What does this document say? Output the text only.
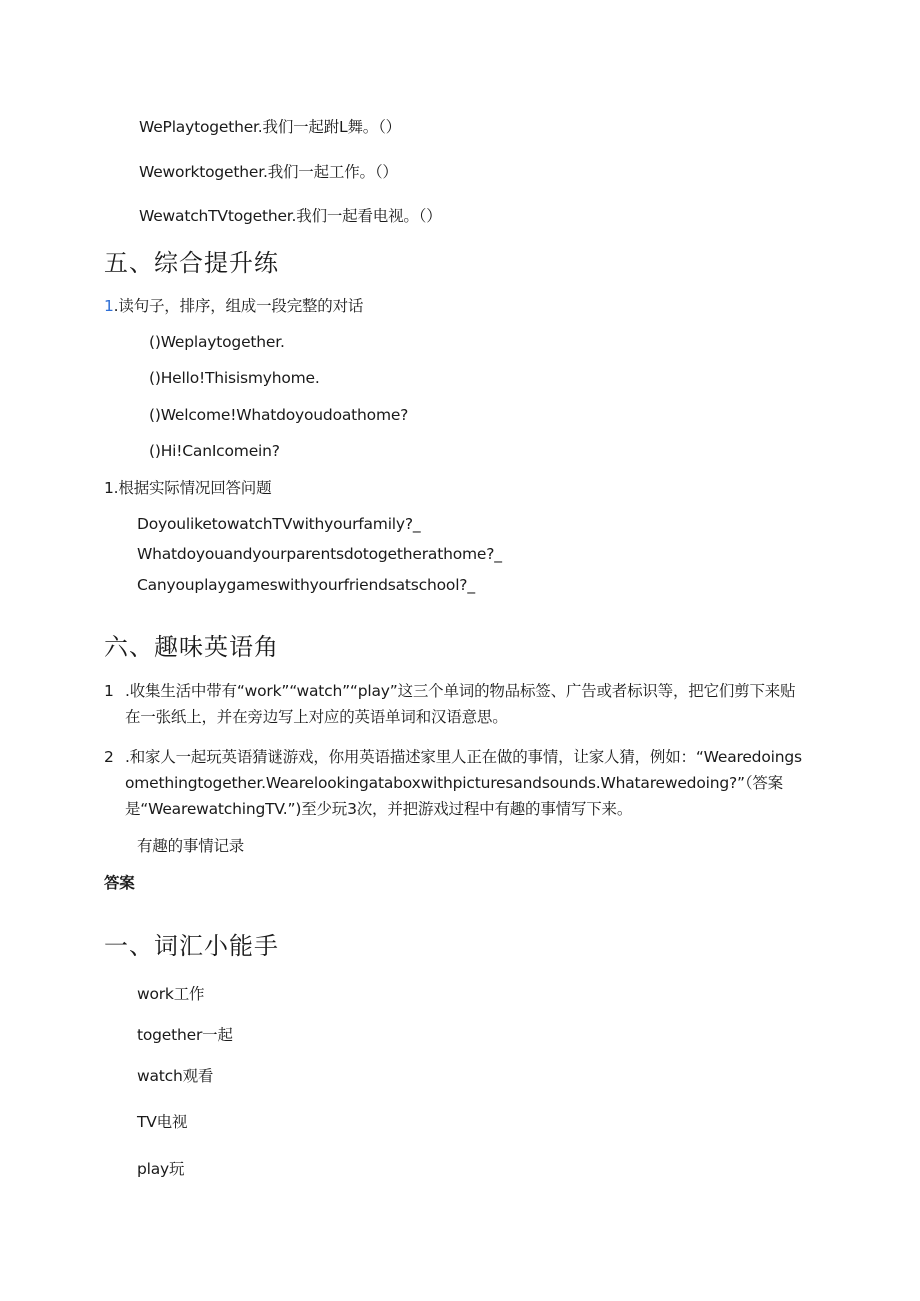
WePlaytogether.我们一起跗L舞。（）
Weworktogether.我们一起工作。（）
WewatchTVtogether.我们一起看电视。（）
五、综合提升练
1.读句子，排序，组成一段完整的对话
()Weplaytogether.
()Hello!Thisismyhome.
()Welcome!Whatdoyoudoathome?
()Hi!CanIcomein?
1.根据实际情况回答问题
DoyouliketowatchTVwithyourfamily?_
Whatdoyouandyourparentsdotogetherathome?_
Canyouplaygameswithyourfriendsatschool?_
六、趣味英语角
1 .收集生活中带有“work”“watch”“play”这三个单词的物品标签、广告或者标识等，把它们剪下来贴在一张纸上，并在旁边写上对应的英语单词和汉语意思。
2 .和家人一起玩英语猜谜游戏，你用英语描述家里人正在做的事情，让家人猜，例如：“Wearedoingsomethingtogether.Wearelookingataboxwithpicturesandsounds.Whatarewedoing?”（答案是“WearewatchingTV.”)至少玩3次，并把游戏过程中有趣的事情写下来。
有趣的事情记录
答案
一、词汇小能手
work工作
together一起
watch观看
TV电视
play玩
